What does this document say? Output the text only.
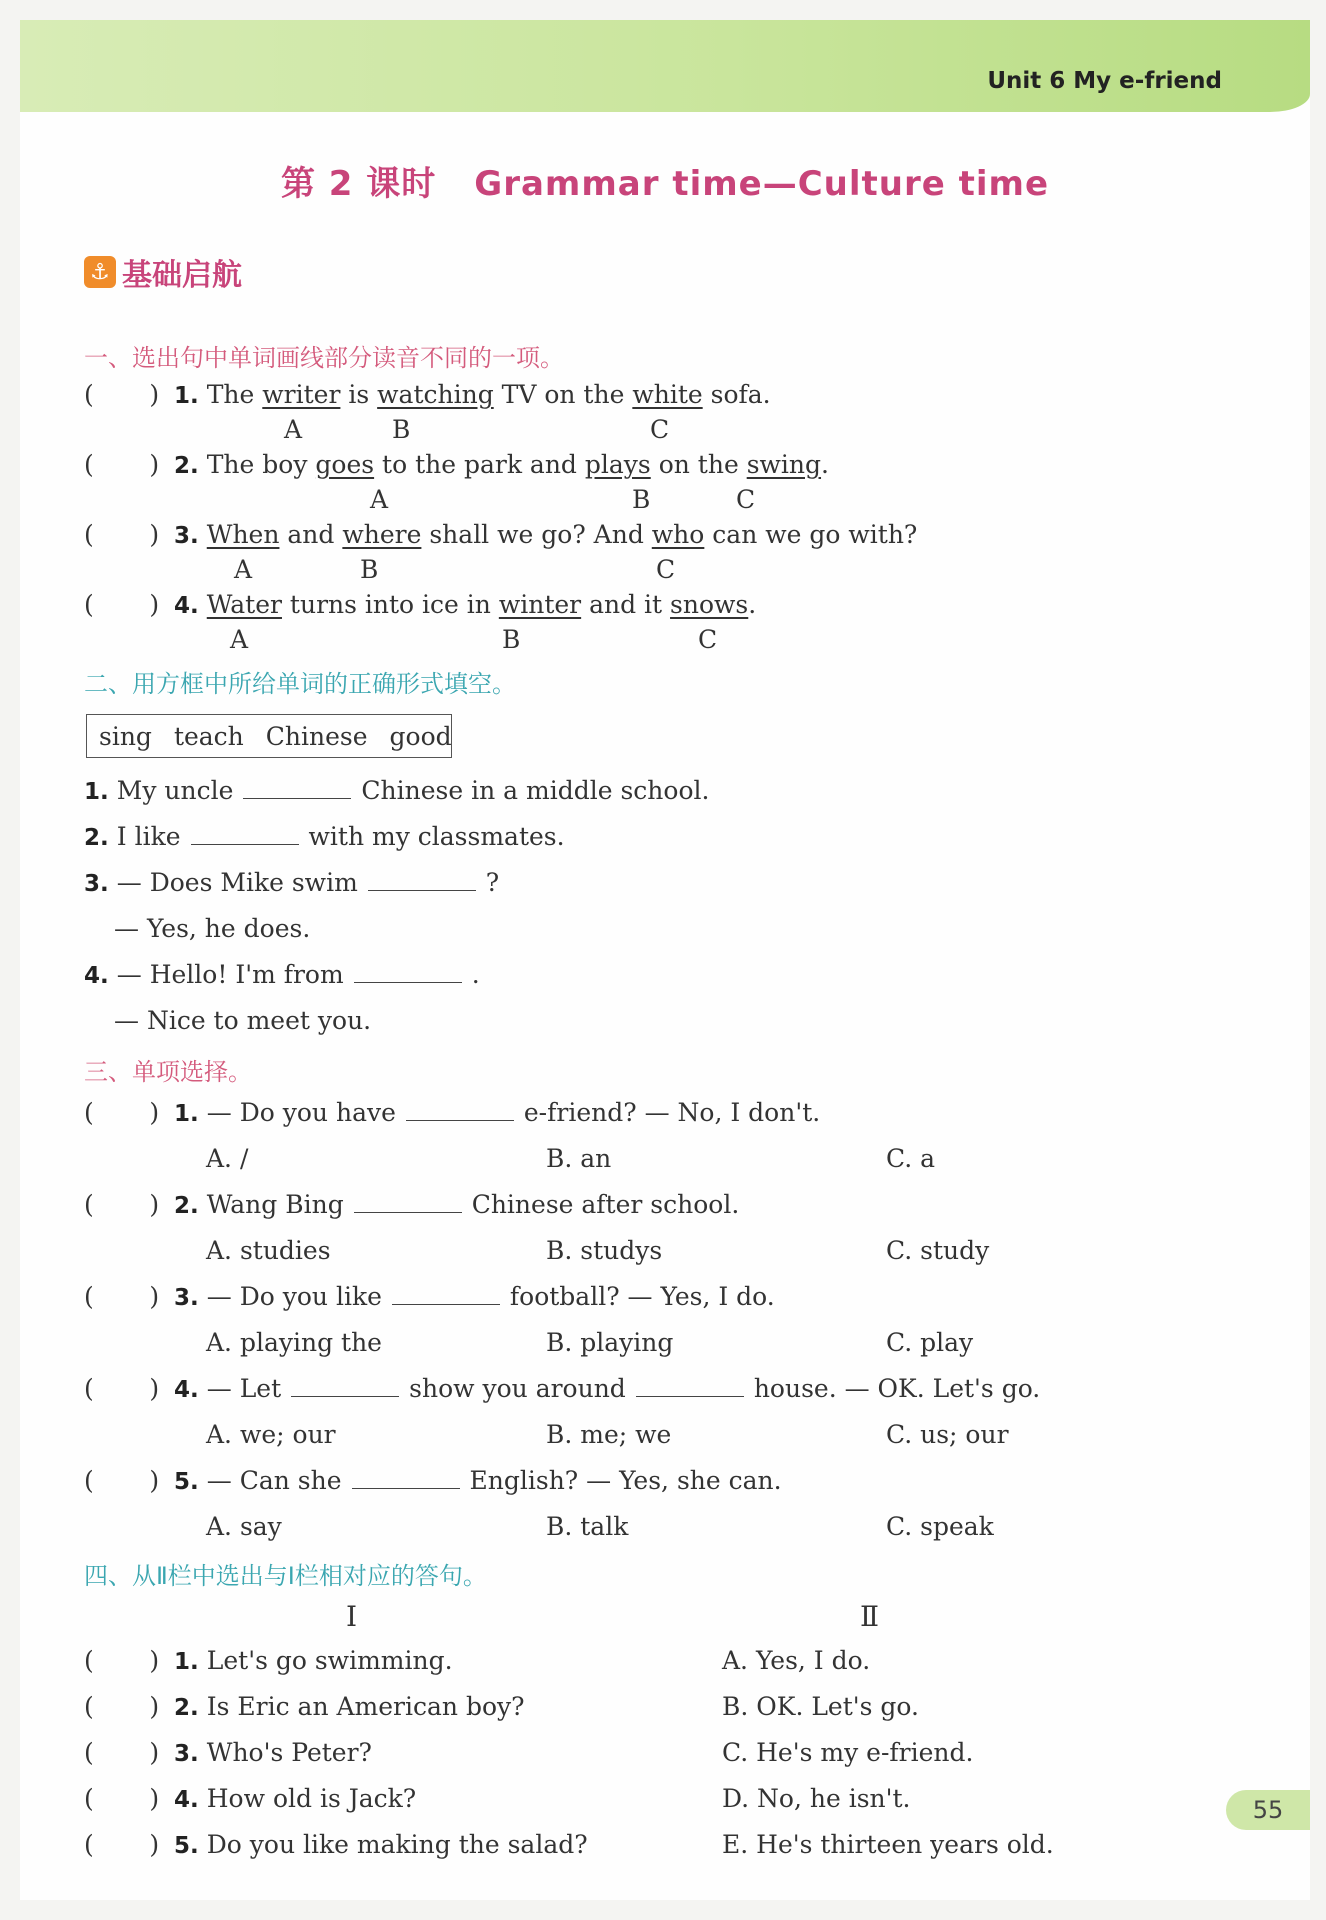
Unit 6 My e-friend
第 2 课时 Grammar time—Culture time
⚓ 基础启航
一、选出句中单词画线部分读音不同的一项。
(       ) 1. The writer is watching TV on the white sofa.
A	B	C
(       ) 2. The boy goes to the park and plays on the swing.
A	B	C
(       ) 3. When and where shall we go? And who can we go with?
A	B	C
(       ) 4. Water turns into ice in winter and it snows.
A	B	C
二、用方框中所给单词的正确形式填空。
sing teach Chinese good
1. My uncle	Chinese in a middle school.
2. I like	with my classmates.
3. — Does Mike swim	?
— Yes, he does.
4. — Hello! I'm from	.
— Nice to meet you.
三、单项选择。
(       ) 1. — Do you have	e-friend? — No, I don't.
A. /	B. an	C. a
(       ) 2. Wang Bing	Chinese after school.
A. studies	B. studys	C. study
(       ) 3. — Do you like	football? — Yes, I do.
A. playing the	B. playing	C. play
(       ) 4. — Let	show you around	house. — OK. Let's go.
A. we; our	B. me; we	C. us; our
(       ) 5. — Can she	English? — Yes, she can.
A. say	B. talk	C. speak
四、从Ⅱ栏中选出与Ⅰ栏相对应的答句。
Ⅰ	Ⅱ
(       ) 1. Let's go swimming.	A. Yes, I do.
(       ) 2. Is Eric an American boy?	B. OK. Let's go.
(       ) 3. Who's Peter?	C. He's my e-friend.
(       ) 4. How old is Jack?	D. No, he isn't.
(       ) 5. Do you like making the salad?	E. He's thirteen years old.
55
